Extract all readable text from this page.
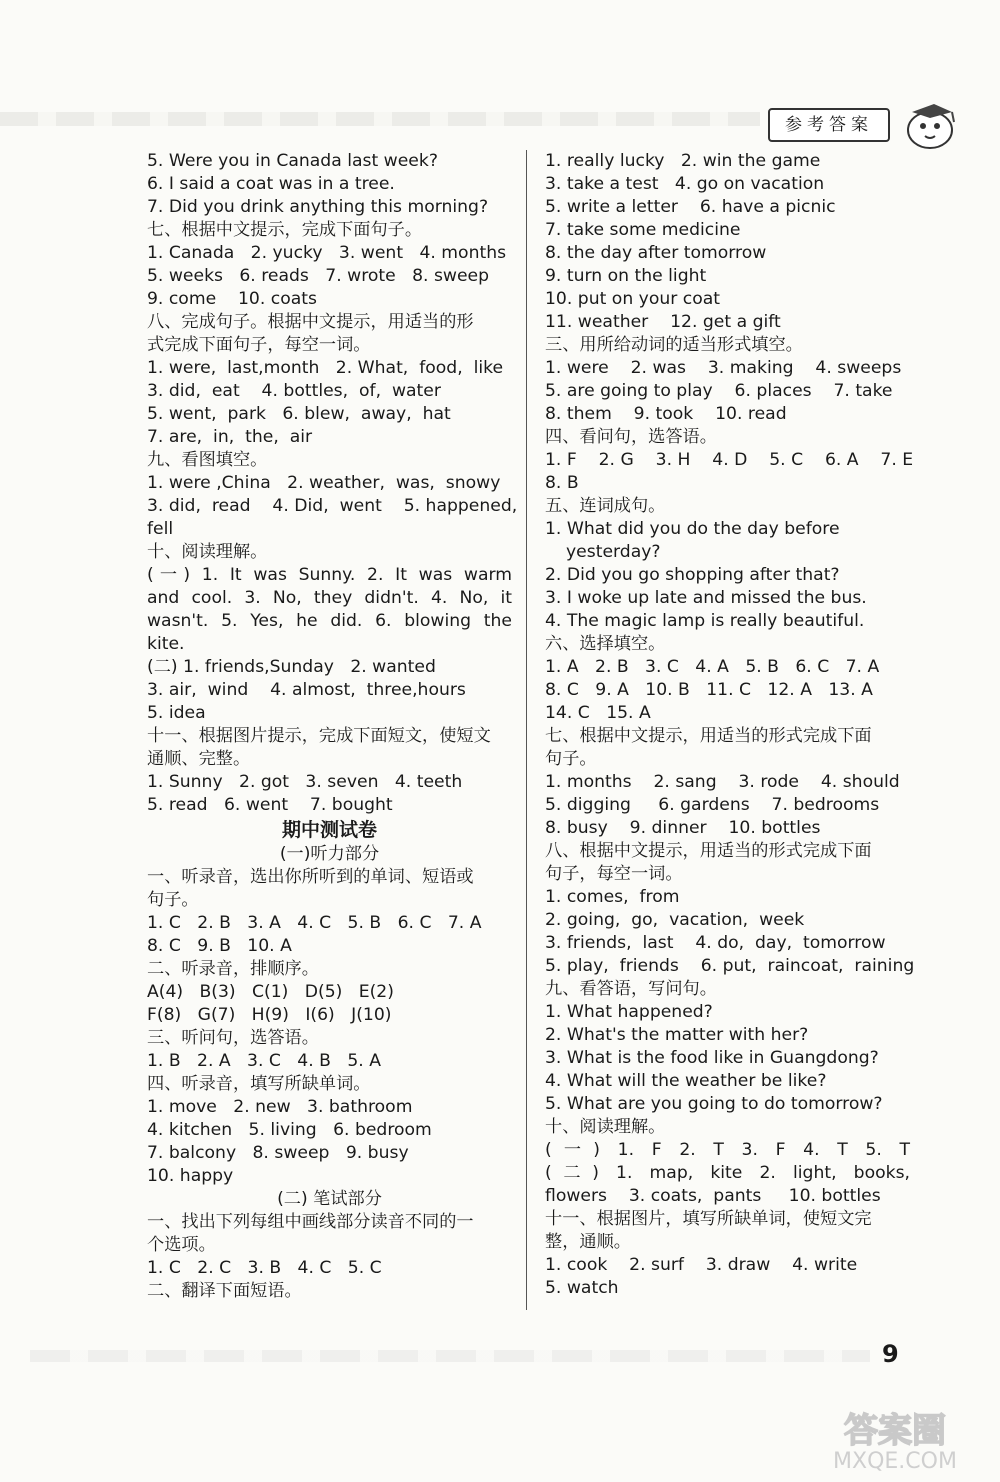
参考答案
5. Were you in Canada last week?
6. I said a coat was in a tree.
7. Did you drink anything this morning?
七、根据中文提示，完成下面句子。
1. Canada   2. yucky   3. went   4. months
5. weeks   6. reads   7. wrote   8. sweep
9. come    10. coats
八、完成句子。根据中文提示，用适当的形
式完成下面句子，每空一词。
1. were,  last,month   2. What,  food,  like
3. did,  eat    4. bottles,  of,  water
5. went,  park   6. blew,  away,  hat
7. are,  in,  the,  air
九、看图填空。
1. were ,China   2. weather,  was,  snowy
3. did,  read    4. Did,  went    5. happened,
fell
十、阅读理解。
(一) 1. It was Sunny. 2. It was warm
and cool. 3. No, they didn't. 4. No, it
wasn't. 5. Yes, he did. 6. blowing the
kite.
(二) 1. friends,Sunday   2. wanted
3. air,  wind    4. almost,  three,hours
5. idea
十一、根据图片提示，完成下面短文，使短文
通顺、完整。
1. Sunny   2. got   3. seven   4. teeth
5. read   6. went    7. bought
期中测试卷
(一)听力部分
一、听录音，选出你所听到的单词、短语或
句子。
1. C   2. B   3. A   4. C   5. B   6. C   7. A
8. C   9. B   10. A
二、听录音，排顺序。
A(4)   B(3)   C(1)   D(5)   E(2)
F(8)   G(7)   H(9)   I(6)   J(10)
三、听问句，选答语。
1. B   2. A   3. C   4. B   5. A
四、听录音，填写所缺单词。
1. move   2. new   3. bathroom
4. kitchen   5. living   6. bedroom
7. balcony   8. sweep   9. busy
10. happy
(二) 笔试部分
一、找出下列每组中画线部分读音不同的一
个选项。
1. C   2. C   3. B   4. C   5. C
二、翻译下面短语。
1. really lucky   2. win the game
3. take a test   4. go on vacation
5. write a letter    6. have a picnic
7. take some medicine
8. the day after tomorrow
9. turn on the light
10. put on your coat
11. weather    12. get a gift
三、用所给动词的适当形式填空。
1. were    2. was    3. making    4. sweeps
5. are going to play    6. places    7. take
8. them    9. took    10. read
四、看问句，选答语。
1. F    2. G    3. H    4. D    5. C    6. A    7. E
8. B
五、连词成句。
1. What did you do the day before
yesterday?
2. Did you go shopping after that?
3. I woke up late and missed the bus.
4. The magic lamp is really beautiful.
六、选择填空。
1. A   2. B   3. C   4. A   5. B   6. C   7. A
8. C   9. A   10. B   11. C   12. A   13. A
14. C   15. A
七、根据中文提示，用适当的形式完成下面
句子。
1. months    2. sang    3. rode    4. should
5. digging     6. gardens    7. bedrooms
8. busy    9. dinner    10. bottles
八、根据中文提示，用适当的形式完成下面
句子，每空一词。
1. comes,  from
2. going,  go,  vacation,  week
3. friends,  last    4. do,  day,  tomorrow
5. play,  friends    6. put,  raincoat,  raining
九、看答语，写问句。
1. What happened?
2. What's the matter with her?
3. What is the food like in Guangdong?
4. What will the weather be like?
5. What are you going to do tomorrow?
十、阅读理解。
(一) 1. F 2. T 3. F 4. T 5. T
(二) 1. map, kite 2. light, books,
flowers    3. coats,  pants     10. bottles
十一、根据图片，填写所缺单词，使短文完
整，通顺。
1. cook    2. surf    3. draw    4. write
5. watch
9
答案圈
MXQE.COM
